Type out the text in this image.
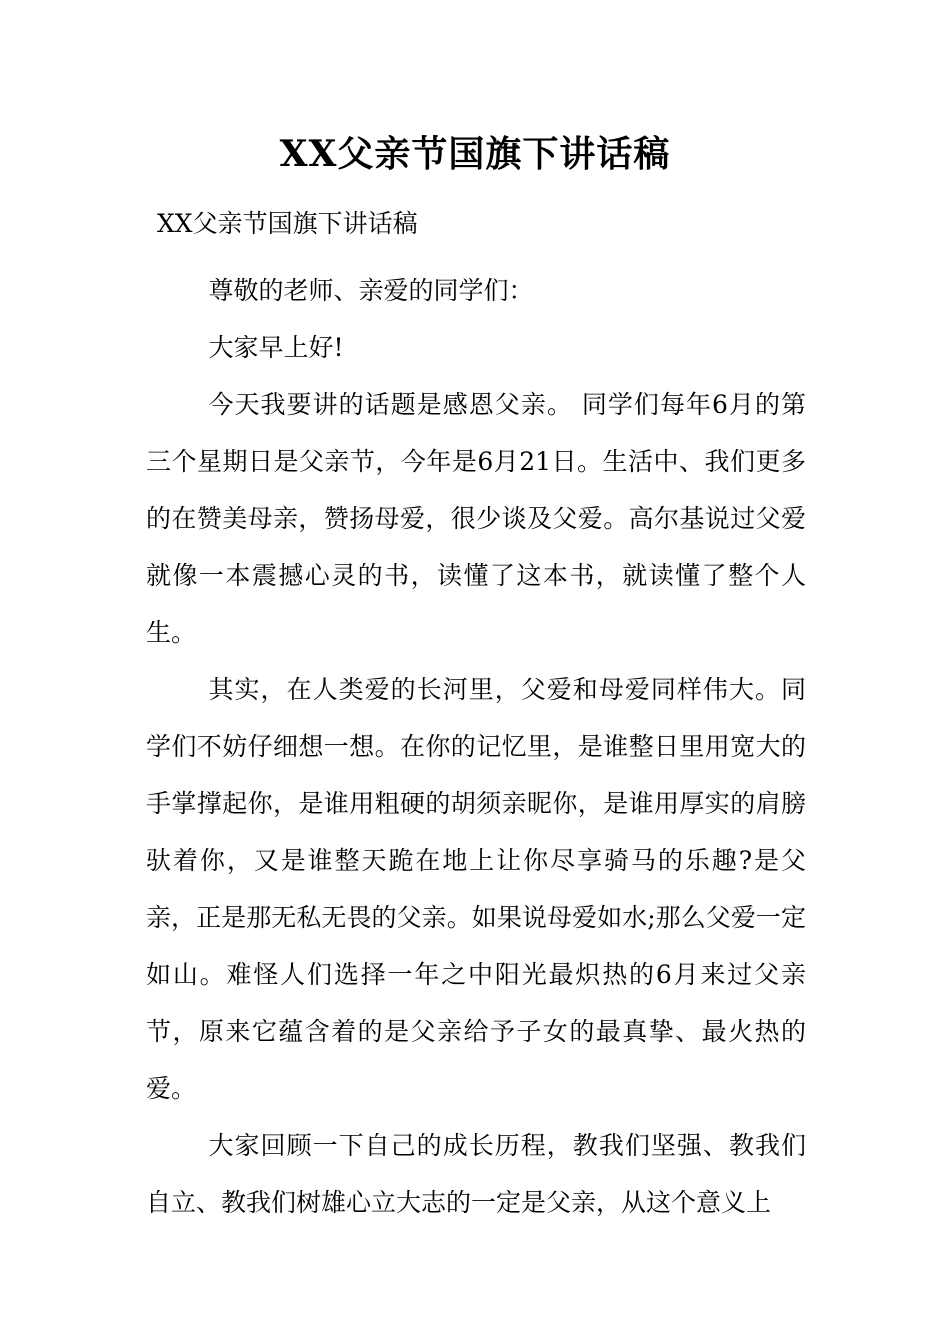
XX父亲节国旗下讲话稿
XX父亲节国旗下讲话稿

尊敬的老师、亲爱的同学们：

大家早上好!

今天我要讲的话题是感恩父亲。 同学们每年6月的第三个星期日是父亲节，今年是6月21日。生活中、我们更多的在赞美母亲，赞扬母爱，很少谈及父爱。高尔基说过父爱就像一本震撼心灵的书，读懂了这本书，就读懂了整个人生。

其实，在人类爱的长河里，父爱和母爱同样伟大。同学们不妨仔细想一想。在你的记忆里，是谁整日里用宽大的手掌撑起你，是谁用粗硬的胡须亲昵你，是谁用厚实的肩膀驮着你，又是谁整天跪在地上让你尽享骑马的乐趣?是父亲，正是那无私无畏的父亲。如果说母爱如水;那么父爱一定如山。难怪人们选择一年之中阳光最炽热的6月来过父亲节，原来它蕴含着的是父亲给予子女的最真挚、最火热的爱。

大家回顾一下自己的成长历程，教我们坚强、教我们自立、教我们树雄心立大志的一定是父亲，从这个意义上
